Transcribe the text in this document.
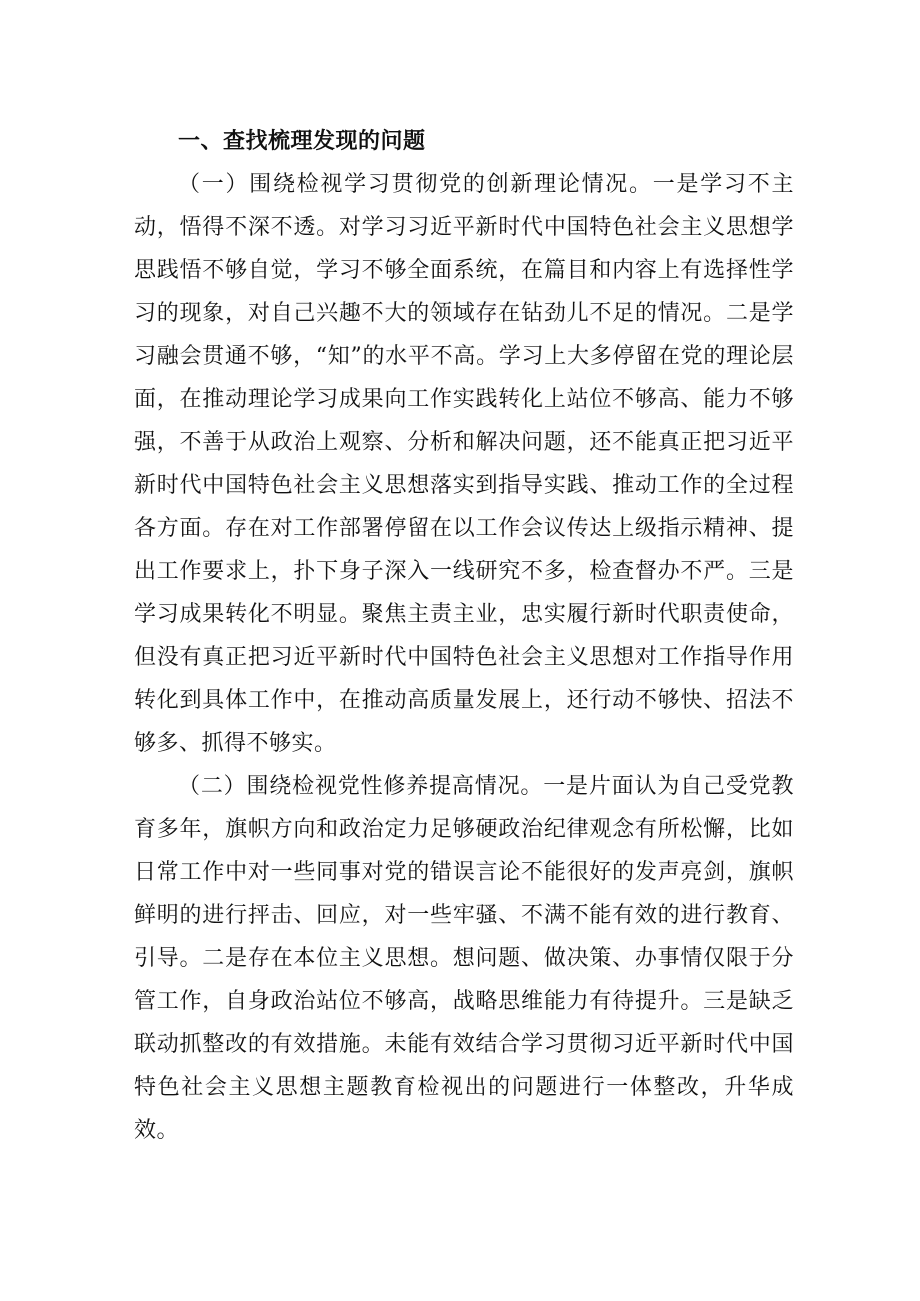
一、查找梳理发现的问题

（一）围绕检视学习贯彻党的创新理论情况。一是学习不主动，悟得不深不透。对学习习近平新时代中国特色社会主义思想学思践悟不够自觉，学习不够全面系统，在篇目和内容上有选择性学习的现象，对自己兴趣不大的领域存在钻劲儿不足的情况。二是学习融会贯通不够，“知”的水平不高。学习上大多停留在党的理论层面，在推动理论学习成果向工作实践转化上站位不够高、能力不够强，不善于从政治上观察、分析和解决问题，还不能真正把习近平新时代中国特色社会主义思想落实到指导实践、推动工作的全过程各方面。存在对工作部署停留在以工作会议传达上级指示精神、提出工作要求上，扑下身子深入一线研究不多，检查督办不严。三是学习成果转化不明显。聚焦主责主业，忠实履行新时代职责使命，但没有真正把习近平新时代中国特色社会主义思想对工作指导作用转化到具体工作中，在推动高质量发展上，还行动不够快、招法不够多、抓得不够实。

（二）围绕检视党性修养提高情况。一是片面认为自己受党教育多年，旗帜方向和政治定力足够硬政治纪律观念有所松懈，比如日常工作中对一些同事对党的错误言论不能很好的发声亮剑，旗帜鲜明的进行抨击、回应，对一些牢骚、不满不能有效的进行教育、引导。二是存在本位主义思想。想问题、做决策、办事情仅限于分管工作，自身政治站位不够高，战略思维能力有待提升。三是缺乏联动抓整改的有效措施。未能有效结合学习贯彻习近平新时代中国特色社会主义思想主题教育检视出的问题进行一体整改，升华成效。
